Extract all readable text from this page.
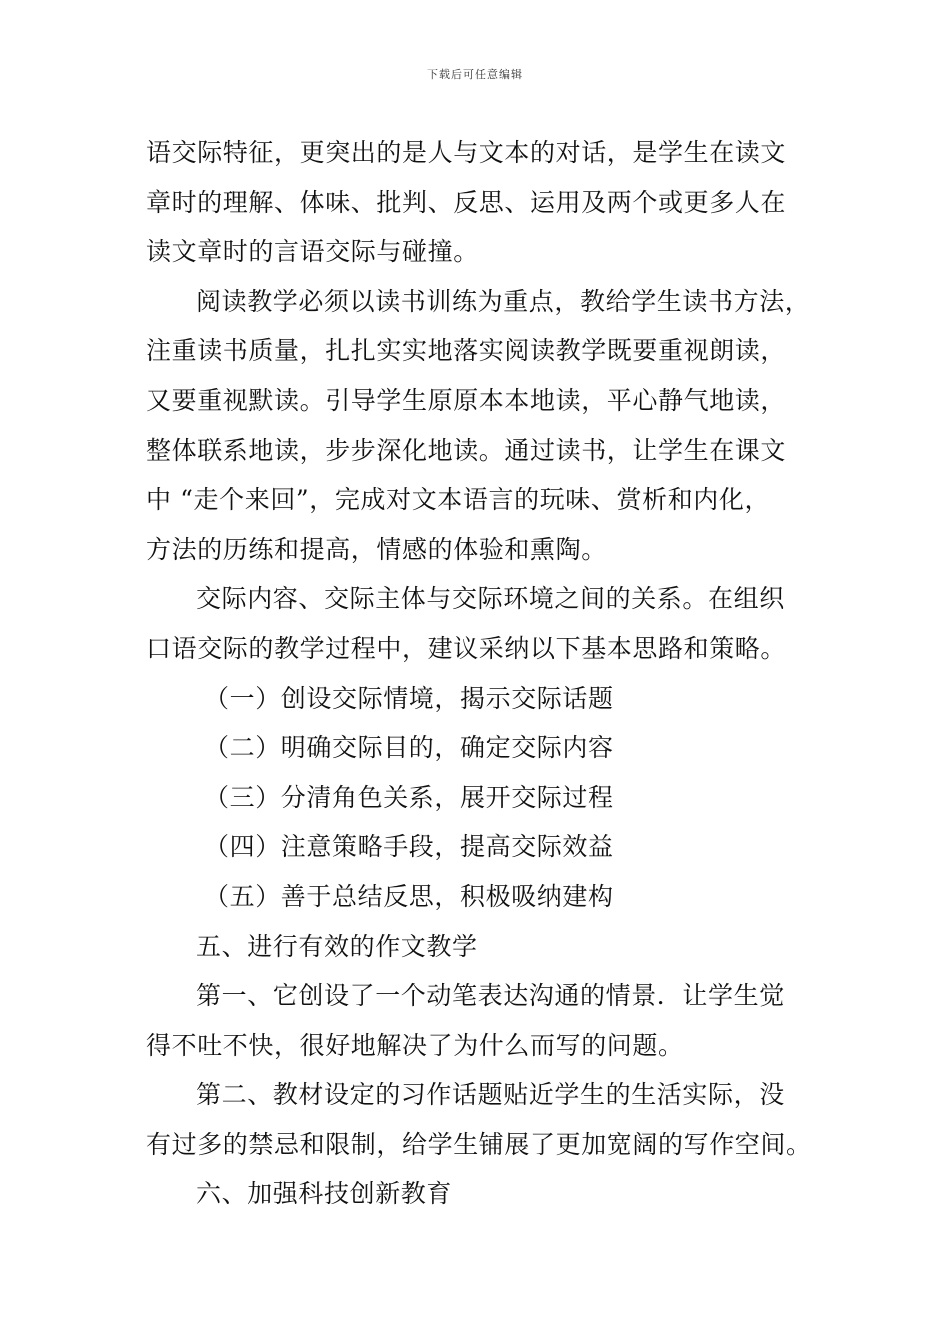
下载后可任意编辑
语交际特征，更突出的是人与文本的对话，是学生在读文
章时的理解、体味、批判、反思、运用及两个或更多人在
读文章时的言语交际与碰撞。
阅读教学必须以读书训练为重点，教给学生读书方法，
注重读书质量，扎扎实实地落实阅读教学既要重视朗读，
又要重视默读。引导学生原原本本地读，平心静气地读，
整体联系地读，步步深化地读。通过读书，让学生在课文
中 “走个来回”，完成对文本语言的玩味、赏析和内化，
方法的历练和提高，情感的体验和熏陶。
交际内容、交际主体与交际环境之间的关系。在组织
口语交际的教学过程中，建议采纳以下基本思路和策略。
（一）创设交际情境，揭示交际话题
（二）明确交际目的，确定交际内容
（三）分清角色关系，展开交际过程
（四）注意策略手段，提高交际效益
（五）善于总结反思，积极吸纳建构
五、进行有效的作文教学
第一、它创设了一个动笔表达沟通的情景．让学生觉
得不吐不快，很好地解决了为什么而写的问题。
第二、教材设定的习作话题贴近学生的生活实际，没
有过多的禁忌和限制，给学生铺展了更加宽阔的写作空间。
六、加强科技创新教育
